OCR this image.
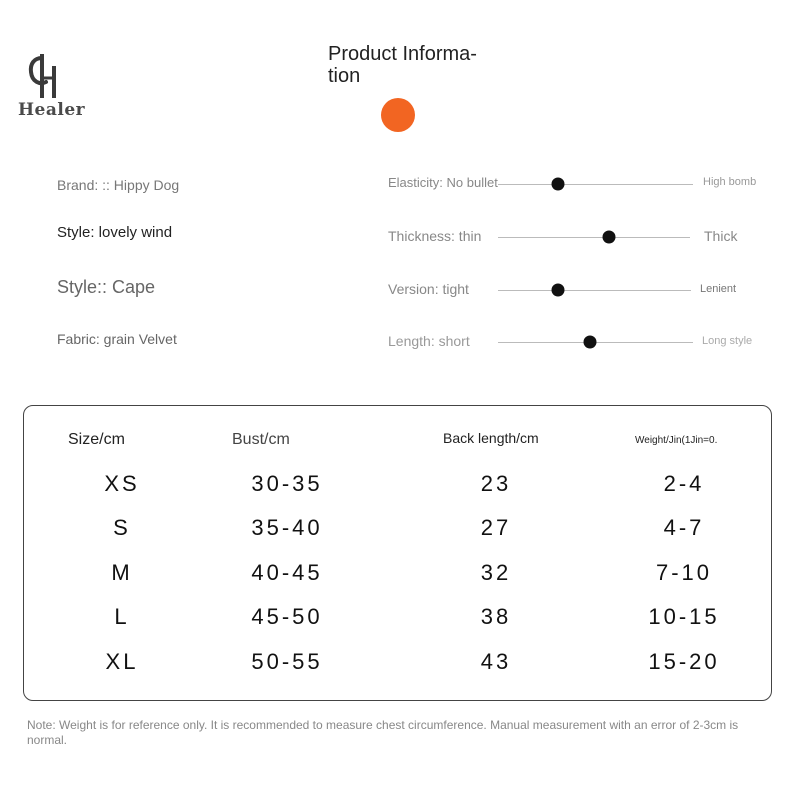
Healer
Product Informa-
tion
Brand: :: Hippy Dog
Style: lovely wind
Style:: Cape
Fabric: grain Velvet
Elasticity: No bullet	High bomb
Thickness: thin	Thick
Version: tight	Lenient
Length: short	Long style
Size/cm	Bust/cm	Back length/cm	Weight/Jin(1Jin=0.
XS	30-35	23	2-4
S	35-40	27	4-7
M	40-45	32	7-10
L	45-50	38	10-15
XL	50-55	43	15-20
Note: Weight is for reference only. It is recommended to measure chest circumference. Manual measurement with an error of 2-3cm is normal.
